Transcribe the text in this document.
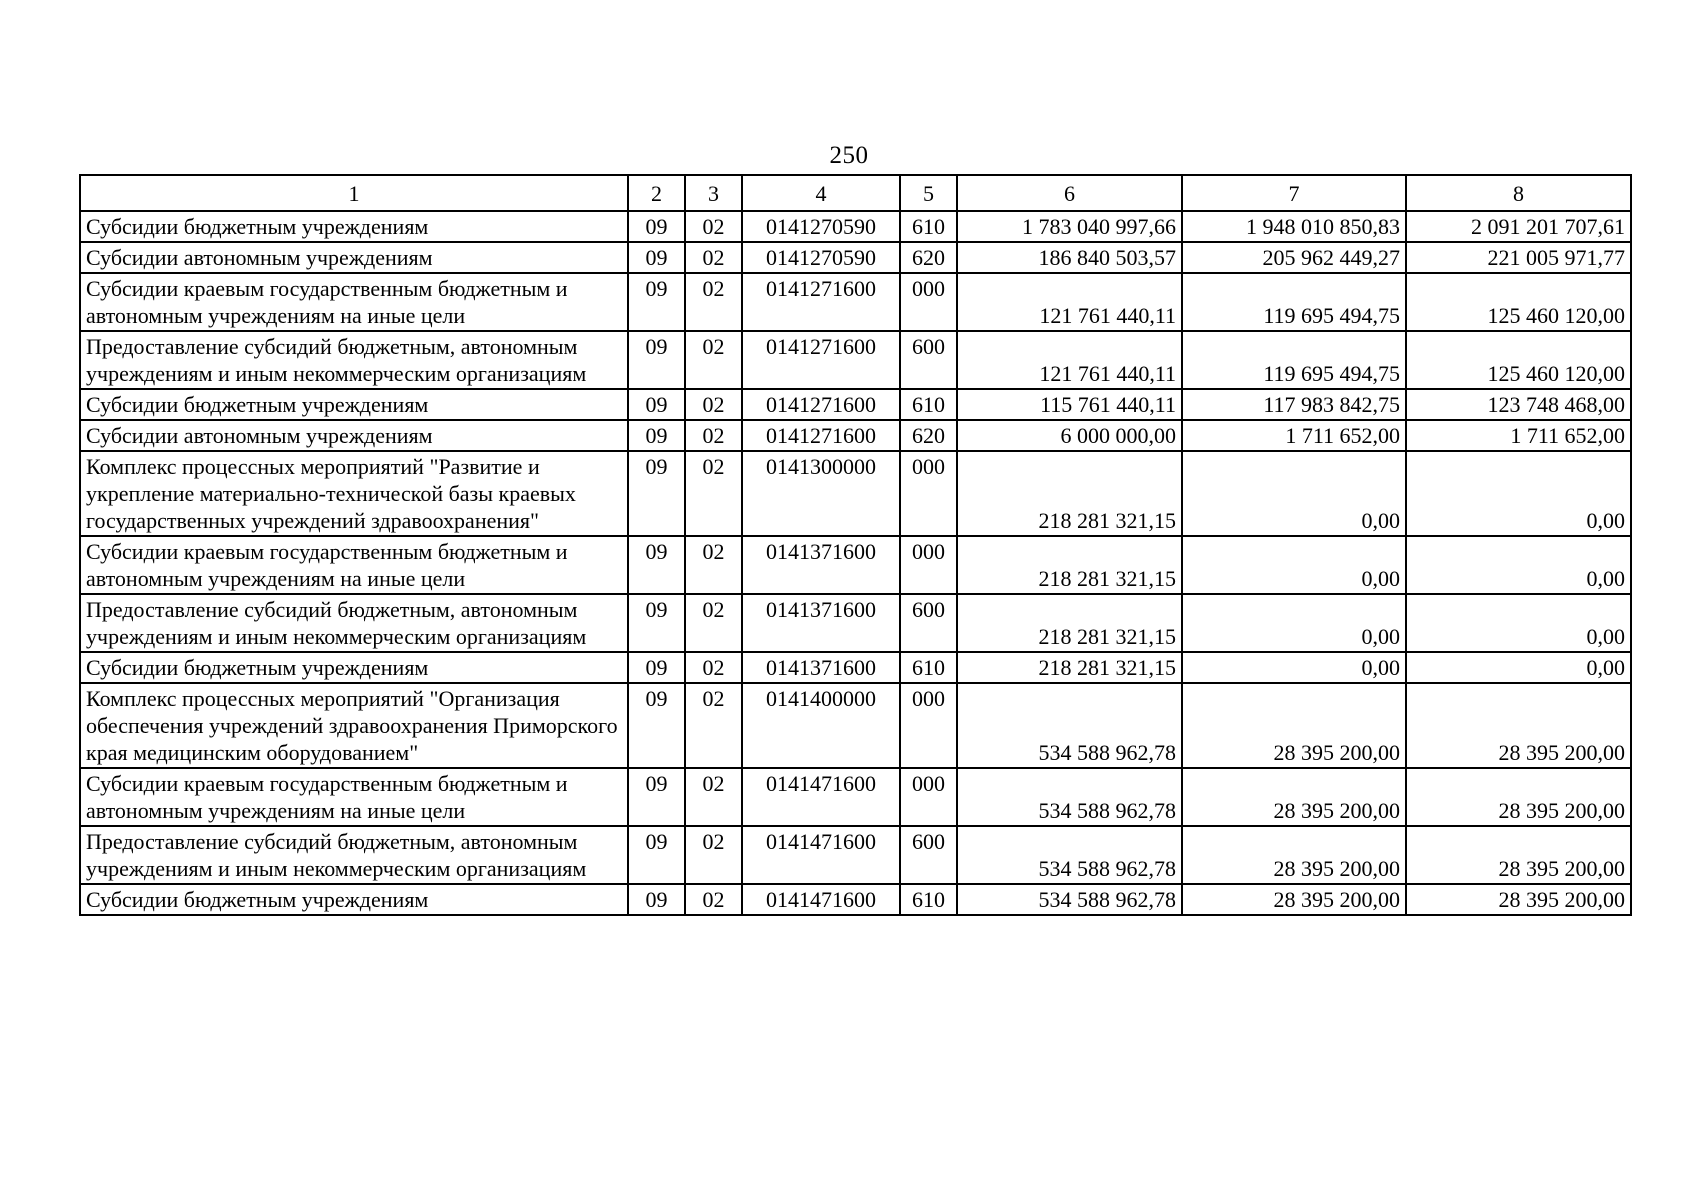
250
1	2	3	4	5	6	7	8
Субсидии бюджетным учреждениям	09	02	0141270590	610	1 783 040 997,66	1 948 010 850,83	2 091 201 707,61
Субсидии автономным учреждениям	09	02	0141270590	620	186 840 503,57	205 962 449,27	221 005 971,77
Субсидии краевым государственным бюджетным и автономным учреждениям на иные цели	09	02	0141271600	000	121 761 440,11	119 695 494,75	125 460 120,00
Предоставление субсидий бюджетным, автономным учреждениям и иным некоммерческим организациям	09	02	0141271600	600	121 761 440,11	119 695 494,75	125 460 120,00
Субсидии бюджетным учреждениям	09	02	0141271600	610	115 761 440,11	117 983 842,75	123 748 468,00
Субсидии автономным учреждениям	09	02	0141271600	620	6 000 000,00	1 711 652,00	1 711 652,00
Комплекс процессных мероприятий "Развитие и укрепление материально-технической базы краевых государственных учреждений здравоохранения"	09	02	0141300000	000	218 281 321,15	0,00	0,00
Субсидии краевым государственным бюджетным и автономным учреждениям на иные цели	09	02	0141371600	000	218 281 321,15	0,00	0,00
Предоставление субсидий бюджетным, автономным учреждениям и иным некоммерческим организациям	09	02	0141371600	600	218 281 321,15	0,00	0,00
Субсидии бюджетным учреждениям	09	02	0141371600	610	218 281 321,15	0,00	0,00
Комплекс процессных мероприятий "Организация обеспечения учреждений здравоохранения Приморского края медицинским оборудованием"	09	02	0141400000	000	534 588 962,78	28 395 200,00	28 395 200,00
Субсидии краевым государственным бюджетным и автономным учреждениям на иные цели	09	02	0141471600	000	534 588 962,78	28 395 200,00	28 395 200,00
Предоставление субсидий бюджетным, автономным учреждениям и иным некоммерческим организациям	09	02	0141471600	600	534 588 962,78	28 395 200,00	28 395 200,00
Субсидии бюджетным учреждениям	09	02	0141471600	610	534 588 962,78	28 395 200,00	28 395 200,00
